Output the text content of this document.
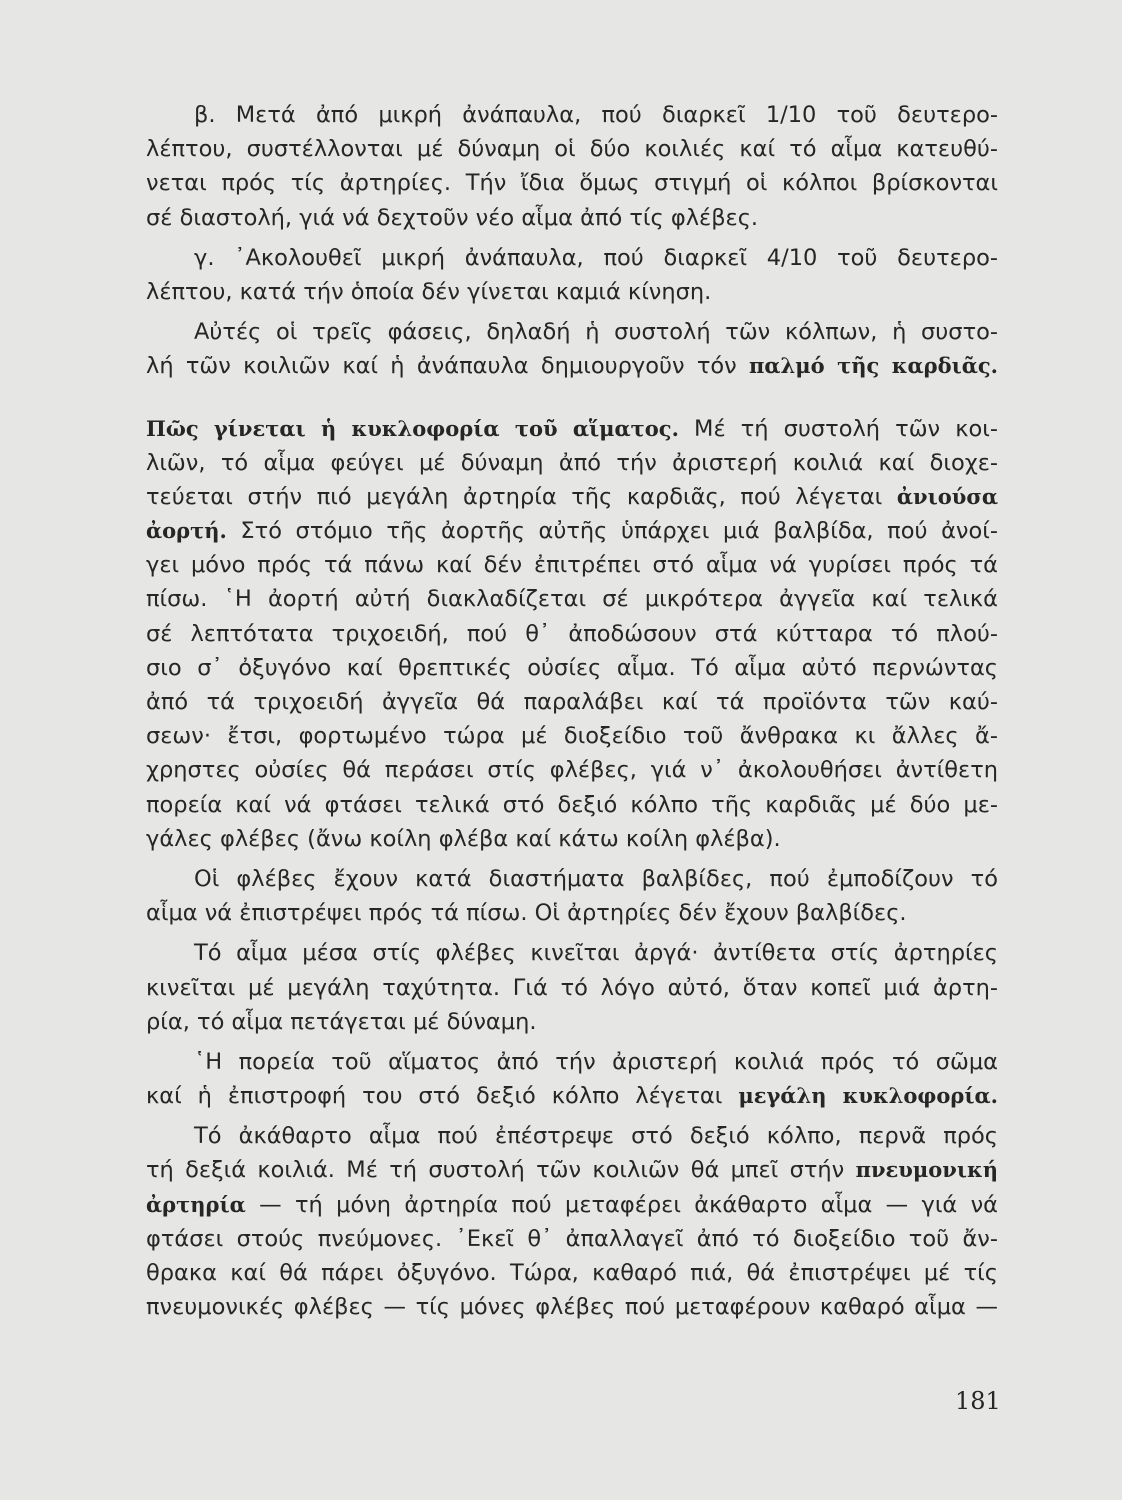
β. Μετά ἀπό μικρή ἀνάπαυλα, πού διαρκεῖ 1/10 τοῦ δευτερο-
λέπτου, συστέλλονται μέ δύναμη οἱ δύο κοιλιές καί τό αἷμα κατευθύ-
νεται πρός τίς ἀρτηρίες. Τήν ἴδια ὅμως στιγμή οἱ κόλποι βρίσκονται
σέ διαστολή, γιά νά δεχτοῦν νέο αἷμα ἀπό τίς φλέβες.
γ. ᾿Ακολουθεῖ μικρή ἀνάπαυλα, πού διαρκεῖ 4/10 τοῦ δευτερο-
λέπτου, κατά τήν ὁποία δέν γίνεται καμιά κίνηση.
Αὐτές οἱ τρεῖς φάσεις, δηλαδή ἡ συστολή τῶν κόλπων, ἡ συστο-
λή τῶν κοιλιῶν καί ἡ ἀνάπαυλα δημιουργοῦν τόν παλμό τῆς καρδιᾶς.
Πῶς γίνεται ἡ κυκλοφορία τοῦ αἵματος. Μέ τή συστολή τῶν κοι-
λιῶν, τό αἷμα φεύγει μέ δύναμη ἀπό τήν ἀριστερή κοιλιά καί διοχε-
τεύεται στήν πιό μεγάλη ἀρτηρία τῆς καρδιᾶς, πού λέγεται ἀνιούσα
ἀορτή. Στό στόμιο τῆς ἀορτῆς αὐτῆς ὑπάρχει μιά βαλβίδα, πού ἀνοί-
γει μόνο πρός τά πάνω καί δέν ἐπιτρέπει στό αἷμα νά γυρίσει πρός τά
πίσω. ῾Η ἀορτή αὐτή διακλαδίζεται σέ μικρότερα ἀγγεῖα καί τελικά
σέ λεπτότατα τριχοειδή, πού θ᾿ ἀποδώσουν στά κύτταρα τό πλού-
σιο σ᾿ ὀξυγόνο καί θρεπτικές οὐσίες αἷμα. Τό αἷμα αὐτό περνώντας
ἀπό τά τριχοειδή ἀγγεῖα θά παραλάβει καί τά προϊόντα τῶν καύ-
σεων· ἔτσι, φορτωμένο τώρα μέ διοξείδιο τοῦ ἄνθρακα κι ἄλλες ἄ-
χρηστες οὐσίες θά περάσει στίς φλέβες, γιά ν᾿ ἀκολουθήσει ἀντίθετη
πορεία καί νά φτάσει τελικά στό δεξιό κόλπο τῆς καρδιᾶς μέ δύο με-
γάλες φλέβες (ἄνω κοίλη φλέβα καί κάτω κοίλη φλέβα).
Οἱ φλέβες ἔχουν κατά διαστήματα βαλβίδες, πού ἐμποδίζουν τό
αἷμα νά ἐπιστρέψει πρός τά πίσω. Οἱ ἀρτηρίες δέν ἔχουν βαλβίδες.
Τό αἷμα μέσα στίς φλέβες κινεῖται ἀργά· ἀντίθετα στίς ἀρτηρίες
κινεῖται μέ μεγάλη ταχύτητα. Γιά τό λόγο αὐτό, ὅταν κοπεῖ μιά ἀρτη-
ρία, τό αἷμα πετάγεται μέ δύναμη.
῾Η πορεία τοῦ αἵματος ἀπό τήν ἀριστερή κοιλιά πρός τό σῶμα
καί ἡ ἐπιστροφή του στό δεξιό κόλπο λέγεται μεγάλη κυκλοφορία.
Τό ἀκάθαρτο αἷμα πού ἐπέστρεψε στό δεξιό κόλπο, περνᾶ πρός
τή δεξιά κοιλιά. Μέ τή συστολή τῶν κοιλιῶν θά μπεῖ στήν πνευμονική
ἀρτηρία — τή μόνη ἀρτηρία πού μεταφέρει ἀκάθαρτο αἷμα — γιά νά
φτάσει στούς πνεύμονες. ᾿Εκεῖ θ᾿ ἀπαλλαγεῖ ἀπό τό διοξείδιο τοῦ ἄν-
θρακα καί θά πάρει ὀξυγόνο. Τώρα, καθαρό πιά, θά ἐπιστρέψει μέ τίς
πνευμονικές φλέβες — τίς μόνες φλέβες πού μεταφέρουν καθαρό αἷμα —
181
